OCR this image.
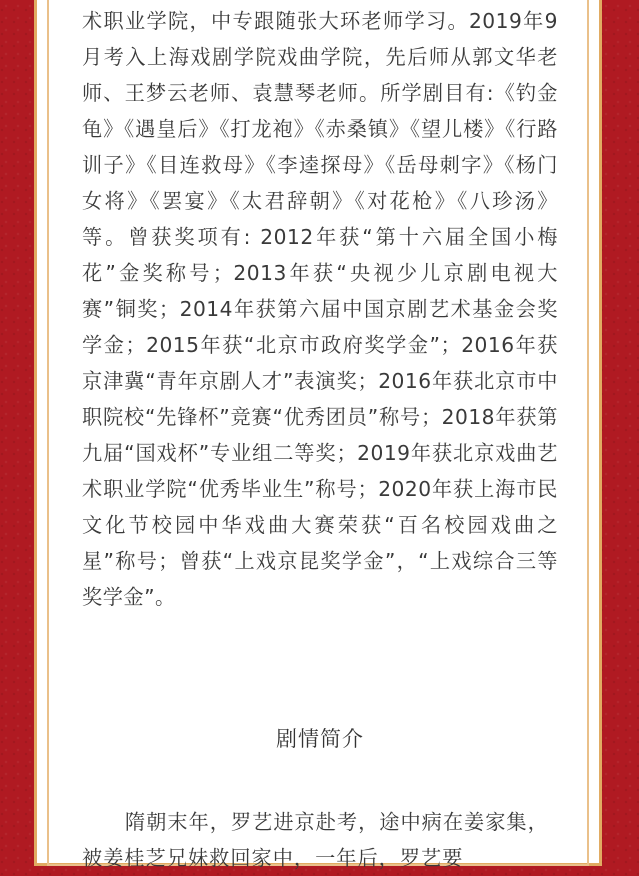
术职业学院，中专跟随张大环老师学习。2019年9月考入上海戏剧学院戏曲学院，先后师从郭文华老师、王梦云老师、袁慧琴老师。所学剧目有:《钓金龟》《遇皇后》《打龙袍》《赤桑镇》《望儿楼》《行路训子》《目连救母》《李逵探母》《岳母刺字》《杨门女将》《罢宴》《太君辞朝》《对花枪》《八珍汤》等。曾获奖项有: 2012年获“第十六届全国小梅花”金奖称号；2013年获“央视少儿京剧电视大赛”铜奖；2014年获第六届中国京剧艺术基金会奖学金；2015年获“北京市政府奖学金”；2016年获京津冀“青年京剧人才”表演奖；2016年获北京市中职院校“先锋杯”竞赛“优秀团员”称号；2018年获第九届“国戏杯”专业组二等奖；2019年获北京戏曲艺术职业学院“优秀毕业生”称号；2020年获上海市民文化节校园中华戏曲大赛荣获“百名校园戏曲之星”称号；曾获“上戏京昆奖学金”，“上戏综合三等奖学金”。

剧情简介

隋朝末年，罗艺进京赴考，途中病在姜家集，被姜桂芝兄妹救回家中，一年后，罗艺要
